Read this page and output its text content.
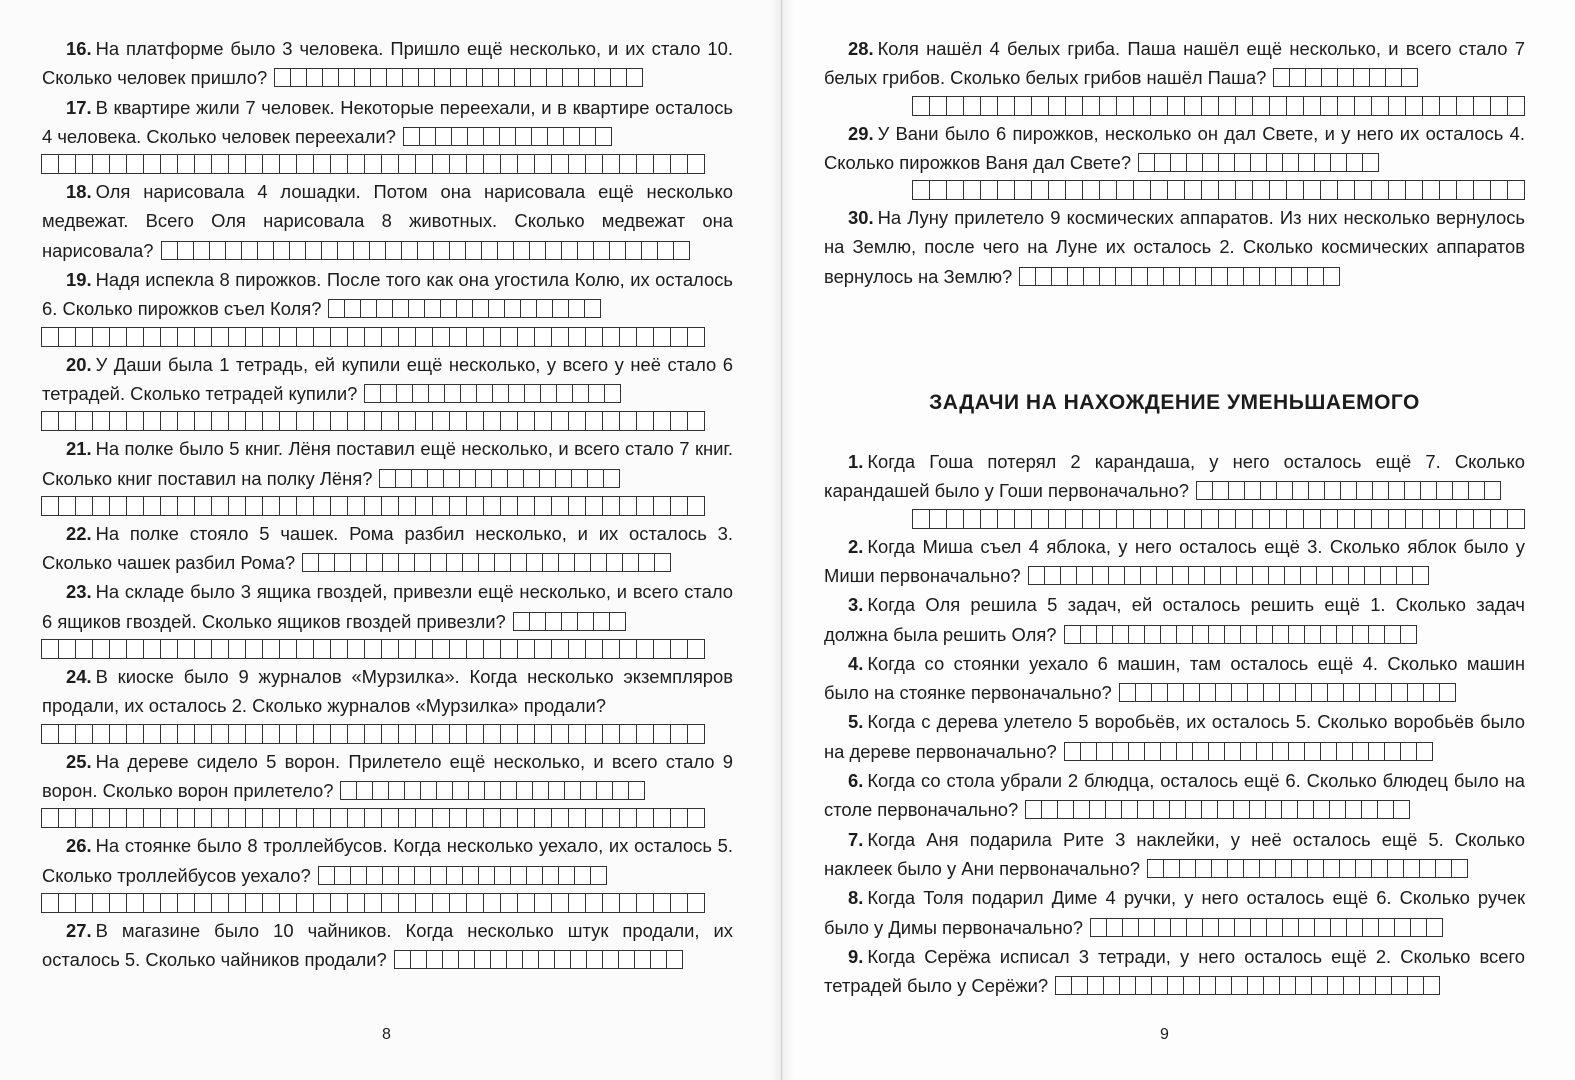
16. На платформе было 3 человека. Пришло ещё несколько, и их стало 10. Сколько человек пришло?
17. В квартире жили 7 человек. Некоторые переехали, и в квартире осталось 4 человека. Сколько человек переехали?
18. Оля нарисовала 4 лошадки. Потом она нарисовала ещё несколько медвежат. Всего Оля нарисовала 8 животных. Сколько медвежат она нарисовала?
19. Надя испекла 8 пирожков. После того как она угостила Колю, их осталось 6. Сколько пирожков съел Коля?
20. У Даши была 1 тетрадь, ей купили ещё несколько, у всего у неё стало 6 тетрадей. Сколько тетрадей купили?
21. На полке было 5 книг. Лёня поставил ещё несколько, и всего стало 7 книг. Сколько книг поставил на полку Лёня?
22. На полке стояло 5 чашек. Рома разбил несколько, и их осталось 3. Сколько чашек разбил Рома?
23. На складе было 3 ящика гвоздей, привезли ещё несколько, и всего стало 6 ящиков гвоздей. Сколько ящиков гвоздей привезли?
24. В киоске было 9 журналов «Мурзилка». Когда несколько экземпляров продали, их осталось 2. Сколько журналов «Мурзилка» продали?
25. На дереве сидело 5 ворон. Прилетело ещё несколько, и всего стало 9 ворон. Сколько ворон прилетело?
26. На стоянке было 8 троллейбусов. Когда несколько уехало, их осталось 5. Сколько троллейбусов уехало?
27. В магазине было 10 чайников. Когда несколько штук продали, их осталось 5. Сколько чайников продали?
8
28. Коля нашёл 4 белых гриба. Паша нашёл ещё несколько, и всего стало 7 белых грибов. Сколько белых грибов нашёл Паша?
29. У Вани было 6 пирожков, несколько он дал Свете, и у него их осталось 4. Сколько пирожков Ваня дал Свете?
30. На Луну прилетело 9 космических аппаратов. Из них несколько вернулось на Землю, после чего на Луне их осталось 2. Сколько космических аппаратов вернулось на Землю?
ЗАДАЧИ НА НАХОЖДЕНИЕ УМЕНЬШАЕМОГО
1. Когда Гоша потерял 2 карандаша, у него осталось ещё 7. Сколько карандашей было у Гоши первоначально?
2. Когда Миша съел 4 яблока, у него осталось ещё 3. Сколько яблок было у Миши первоначально?
3. Когда Оля решила 5 задач, ей осталось решить ещё 1. Сколько задач должна была решить Оля?
4. Когда со стоянки уехало 6 машин, там осталось ещё 4. Сколько машин было на стоянке первоначально?
5. Когда с дерева улетело 5 воробьёв, их осталось 5. Сколько воробьёв было на дереве первоначально?
6. Когда со стола убрали 2 блюдца, осталось ещё 6. Сколько блюдец было на столе первоначально?
7. Когда Аня подарила Рите 3 наклейки, у неё осталось ещё 5. Сколько наклеек было у Ани первоначально?
8. Когда Толя подарил Диме 4 ручки, у него осталось ещё 6. Сколько ручек было у Димы первоначально?
9. Когда Серёжа исписал 3 тетради, у него осталось ещё 2. Сколько всего тетрадей было у Серёжи?
9
